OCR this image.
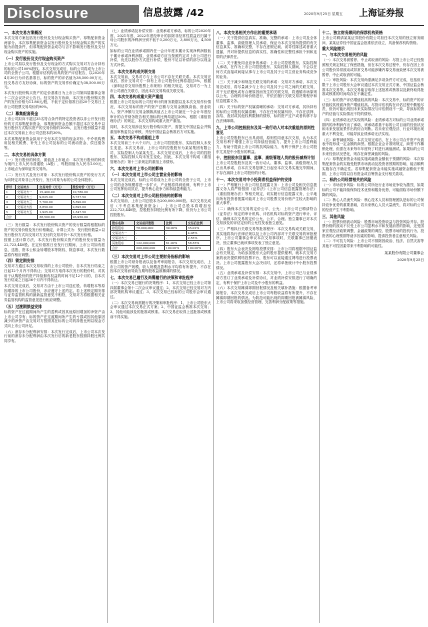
Disclosure	信息披露 /42	2020年9月25日 星期五 上海证券报
一、本次交易方案概况
本次交易方案包括发行股份及支付现金购买资产、募集配套资金两部分。本次募集配套资金以发行股份及支付现金购买资产的实施为前提条件，但募集配套资金成功与否不影响发行股份及支付现金购买资产的实施。
（一）发行股份及支付现金购买资产
上市公司拟以发行股份及支付现金的方式购买交易对方合计持有的标的公司100%股权。本次交易完成后，标的公司将成为上市公司的全资子公司。根据评估机构出具的资产评估报告，以2020年4月30日为评估基准日，标的资产的评估值为38,500.00万元，经交易各方友好协商，标的资产的交易作价确定为38,500.00万元。
本次发行股份购买资产的定价基准日为上市公司第四届董事会第十二次会议决议公告日。经交易各方协商，本次发行股份购买资产的发行价格为11.86元/股，不低于定价基准日前20个交易日上市公司股票交易均价的90%。
（二）募集配套资金
上市公司拟向不超过35名符合条件的特定投资者以非公开发行股份的方式募集配套资金，募集配套资金总额不超过本次交易中以发行股份方式购买资产的交易价格的100%，且发行股份数量不超过本次交易前上市公司总股本的30%。
本次募集配套资金拟用于支付本次交易的现金对价、中介机构费用及相关税费、补充上市公司及标的公司流动资金、偿还债务等。
二、本次交易的具体方案
（一）发行股份的种类、面值及上市地点：本次发行股份的种类为境内上市人民币普通股（A股），每股面值为人民币1.00元，上市地点为深圳证券交易所。
（二）发行方式及发行对象：本次发行股份购买资产的发行方式为向特定对象非公开发行，发行对象为标的公司全体股东。
序号	交易对方	交易对价（万元）	股份对价（万元）
1	交易对方一	15,400.00	10,780.00
2	交易对方二	9,625.00	6,737.50
3	交易对方三	7,700.00	5,390.00
4	交易对方四	3,850.00	2,695.00
5	交易对方五	1,925.00	1,347.50
合计		38,500.00	26,950.00
（三）发行数量：本次发行股份购买资产的发行数量将根据标的资产的交易价格及发行价格确定，计算公式为：发行股份数量=以发行股份方式向交易对方支付的交易对价÷本次发行价格。
按照上述计算方法，本次发行股份购买资产的股份发行数量为22,723,440股。在定价基准日至发行日期间，上市公司如有派息、送股、资本公积金转增股本等除权、除息事项，本次发行数量将作相应调整。
（四）锁定期安排
交易对方通过本次交易取得的上市公司股份，自本次发行结束之日起12个月内不得转让；交易对方取得本次发行的股份时，对其用于认购股份的资产持续拥有权益的时间不足12个月的，自本次发行结束之日起36个月内不得转让。
本次交易完成后，交易对方由于上市公司送红股、转增股本等原因增持的上市公司股份，亦应遵守上述约定。若上述锁定期安排与证券监管机构的最新监管意见不相符，交易对方将根据相关证券监管机构的监管意见进行相应调整。
（五）过渡期损益安排
标的资产在过渡期间所产生的盈利或因其他原因增加的净资产由上市公司享有；标的资产在过渡期间所产生的亏损或因其他原因减少的净资产由交易对方按照其在标的公司的持股比例以现金方式向上市公司补足。
（六）滚存未分配利润安排：本次发行完成后，上市公司本次发行前的滚存未分配利润由本次发行后的新老股东按照持股比例共同享有。
（七）业绩承诺及补偿安排：业绩承诺方承诺，标的公司2020年度、2021年度、2022年度经审计的扣除非经常性损益后归属于母公司股东的净利润分别不低于3,200万元、3,800万元、4,500万元。
如标的公司在业绩承诺期内任一会计年度末累计实现净利润数低于累计承诺净利润数，业绩承诺方应当按照约定对上市公司进行补偿，优先以股份方式进行补偿，股份不足以补偿的部分以现金方式补偿。
三、本次交易构成关联交易
本次交易前，交易对方与上市公司不存在关联关系。本次交易完成后，预计交易对方一持有上市公司股份比例将超过5%，根据《深圳证券交易所股票上市规则》的相关规定，交易对方一为上市公司潜在关联方，因此本次交易构成关联交易。
四、本次交易构成重大资产重组
根据上市公司及标的公司经审计的财务数据以及本次交易作价情况，本次交易标的资产的资产总额与交易金额孰高值、营业收入、资产净额与交易金额孰高值占上市公司最近一个会计年度经审计的合并财务报告相关指标的比例均超过50%，根据《重组管理办法》的规定，本次交易构成重大资产重组。
同时，本次交易涉及发行股份购买资产，需提交中国证监会并购重组审核委员会审核，并经中国证监会核准后方可实施。
五、本次交易不构成重组上市
本次交易前三十六个月内，上市公司控股股东、实际控制人未发生变更。本次交易前，上市公司的控股股东为某某集团有限公司，实际控制人为某某先生。本次交易完成后，上市公司的控股股东、实际控制人均未发生变化。因此，本次交易不构成《重组管理办法》第十三条规定的重组上市情形。
六、本次交易对上市公司的影响
（一）本次交易对上市公司主营业务的影响
本次交易完成后，标的公司将成为上市公司的全资子公司，上市公司的业务规模将进一步扩大，产业链将得到延伸，有利于上市公司发挥协同效应，提升核心竞争力和持续盈利能力。
（二）本次交易对上市公司股权结构的影响
本次交易前，上市公司总股本为200,000,000股。本次交易完成后（不考虑募集配套资金），上市公司总股本将增加至222,723,440股，控股股东持股比例有所下降，但仍为上市公司控股股东。
股东名称	交易前持股数	比例	交易后比例
控股股东	78,000,000	39.00%	35.02%
交易对方一	-	-	4.08%
交易对方二	-	-	2.55%
其他股东	122,000,000	61.00%	58.35%
合计	200,000,000	100.00%	100.00%
（三）本次交易对上市公司主要财务指标的影响
根据上市公司财务报表以及备考审阅报告，本次交易完成后，上市公司的资产规模、收入规模及盈利水平均将有所提升，不存在因本次交易而导致当期每股收益被摊薄的情况。
七、本次交易已履行及尚需履行的决策和审批程序
（一）本次交易已履行的决策程序：1、本次交易已经上市公司第四届董事会第十二次会议审议通过；2、本次交易已经交易对方内部决策机构审议通过；3、本次交易已经标的公司股东会审议通过。
（二）本次交易尚需履行的决策和审批程序：1、上市公司股东大会审议通过本次交易正式方案；2、中国证监会核准本次交易；3、其他可能涉及的批准或核准。本次交易在取得上述批准或核准前不得实施。
八、本次交易相关方作出的重要承诺
（一）关于提供信息真实、准确、完整的承诺：上市公司及全体董事、监事、高级管理人员承诺，保证为本次交易所提供的有关信息真实、准确和完整，不存在虚假记载、误导性陈述或者重大遗漏，并对所提供信息的真实性、准确性和完整性承担个别和连带的法律责任。
（二）关于避免同业竞争的承诺：上市公司控股股东、实际控制人承诺，在作为上市公司控股股东、实际控制人期间，不会以任何方式直接或间接从事与上市公司及其子公司主营业务构成竞争的业务。
（三）关于减少和规范关联交易的承诺：交易对方承诺，本次交易完成后，将尽量减少与上市公司及其子公司之间的关联交易，对于无法避免或有合理原因而发生的关联交易，将遵循市场原则以公允、合理的市场价格进行，并依法履行关联交易决策程序和信息披露义务。
（四）关于标的资产权属清晰的承诺：交易对方承诺，其所持有的标的公司股权权属清晰，不存在任何权属纠纷，不存在质押、冻结、查封或其他权利限制的情形，标的资产过户或者转移不存在法律障碍。
九、上市公司控股股东及其一致行动人对本次重组的原则性意见
上市公司控股股东已出具说明，原则性同意本次交易，认为本次交易有利于增强上市公司持续经营能力、提升上市公司盈利能力，有助于提高上市公司的抗风险能力，有利于保护上市公司股东尤其是中小股东的利益。
十、控股股东及董事、监事、高级管理人员的股份减持计划
上市公司控股股东及其一致行动人、董事、监事、高级管理人员已出具承诺，自本次交易复牌之日起至本次交易实施完毕期间，不存在减持上市公司股份的计划。
十一、本次交易对中小投资者权益保护的安排
（一）严格履行上市公司信息披露义务：上市公司及相关信息披露义务人将严格按照《证券法》《上市公司信息披露管理办法》《重组管理办法》等相关规定，切实履行信息披露义务，公平地向所有投资者披露可能对上市公司股票交易价格产生较大影响的重大事件。
（二）确保本次交易的定价公平、公允：上市公司已聘请符合《证券法》规定的审计机构、评估机构对标的资产进行审计、评估，确保本次交易的定价公允、公平、合理。独立董事已对本次交易涉及的评估定价的公允性发表独立意见。
（三）严格执行关联交易等批准程序：本次交易构成关联交易，其实施将执行法律法规以及上市公司内部对于关联交易的审批程序。上市公司董事会审议本次交易事项时，关联董事已回避表决，独立董事已就该事项发表了独立意见。
（四）股东大会表决及网络投票安排：上市公司将根据中国证监会有关规定，为给参加股东大会的股东提供便利，就本次交易方案的表决提供网络投票平台，股东可以直接通过网络进行投票表决。上市公司披露股东大会决议时，还将单独统计中小股东投票情况。
（五）业绩承诺及补偿安排：本次交易中，上市公司已与业绩承诺方签订了业绩承诺及补偿协议，对业绩补偿安排进行了明确约定，有利于保护上市公司及中小股东的利益。
（六）本次交易摊薄即期回报情况及相关填补措施：根据备考审阅报告，本次交易完成后上市公司每股收益将有所提升，不存在摊薄即期回报的情况。为防范可能出现的即期回报被摊薄风险，上市公司将采取加强经营管理、完善利润分配政策等措施。
十二、独立财务顾问的保荐机构资格
上市公司聘请某某证券股份有限公司担任本次交易的独立财务顾问，某某证券经中国证监会批准依法设立，具备保荐机构资格。
重大风险提示
一、与本次交易相关的风险
（一）本次交易被暂停、中止或取消的风险：尽管上市公司已经按照相关规定制定了保密措施，但在本次交易过程中，仍存在因上市公司股价异常波动或异常交易可能涉嫌内幕交易而致使本次交易被暂停、中止或取消的可能。
（二）审批风险：本次交易尚需满足多项条件方可完成，包括但不限于上市公司股东大会审议通过本次交易正式方案、中国证监会核准本次交易等。本次交易能否取得上述批准或核准以及最终取得批准或核准的时间均存在不确定性。
（三）标的资产评估增值较高的风险：本次交易中，标的资产的评估值较其账面净资产增值较高。尽管评估机构在评估过程中勤勉尽责，但仍可能出现因未来实际情况与评估假设不一致，导致标的资产的估值与实际情况不符的情形。
（四）业绩承诺无法实现的风险：业绩承诺方对标的公司业绩承诺期内的净利润作出了承诺，该承诺系基于标的公司目前的经营状况和未来发展前景作出的综合判断。若未来宏观经济、行业环境出现重大不利变化，可能导致业绩承诺无法实现。
（五）商誉减值风险：本次交易完成后，在上市公司合并资产负债表中将形成一定金额的商誉。根据企业会计准则规定，商誉不作摊销处理，但需在未来每年年度终了时进行减值测试。如果标的公司未来经营状况恶化，则存在商誉减值的风险。
（六）募集配套资金未能实施或融资金额低于预期的风险：本次募集配套资金的实施受股票市场波动及投资者预期的影响，能否顺利实施存在不确定性。若募集配套资金未能实施或融资金额低于预期，上市公司将以自有资金或自筹资金支付相关款项。
二、标的公司经营相关的风险
（一）市场竞争风险：标的公司所处行业市场竞争较为激烈，如果标的公司不能持续保持技术优势和服务优势，可能面临市场份额下降的风险。
（二）核心人员流失风险：核心技术人员和管理团队是标的公司保持竞争优势的重要基础，若未来核心人员大量流失，将对标的公司的经营产生不利影响。
三、其他风险
（一）股票价格波动风险：股票市场投资收益与投资风险并存。股票价格的波动不仅受上市公司盈利水平和发展前景的影响，还受国家宏观经济政策调整、金融政策的调控、股票市场的投机行为、投资者的心理预期等诸多因素的影响，提请投资者注意相关风险。
（二）不可抗力风险：上市公司不排除因政治、经济、自然灾害等其他不可控因素带来不利影响的可能性。
某某股份有限公司董事会
2020年9月25日
